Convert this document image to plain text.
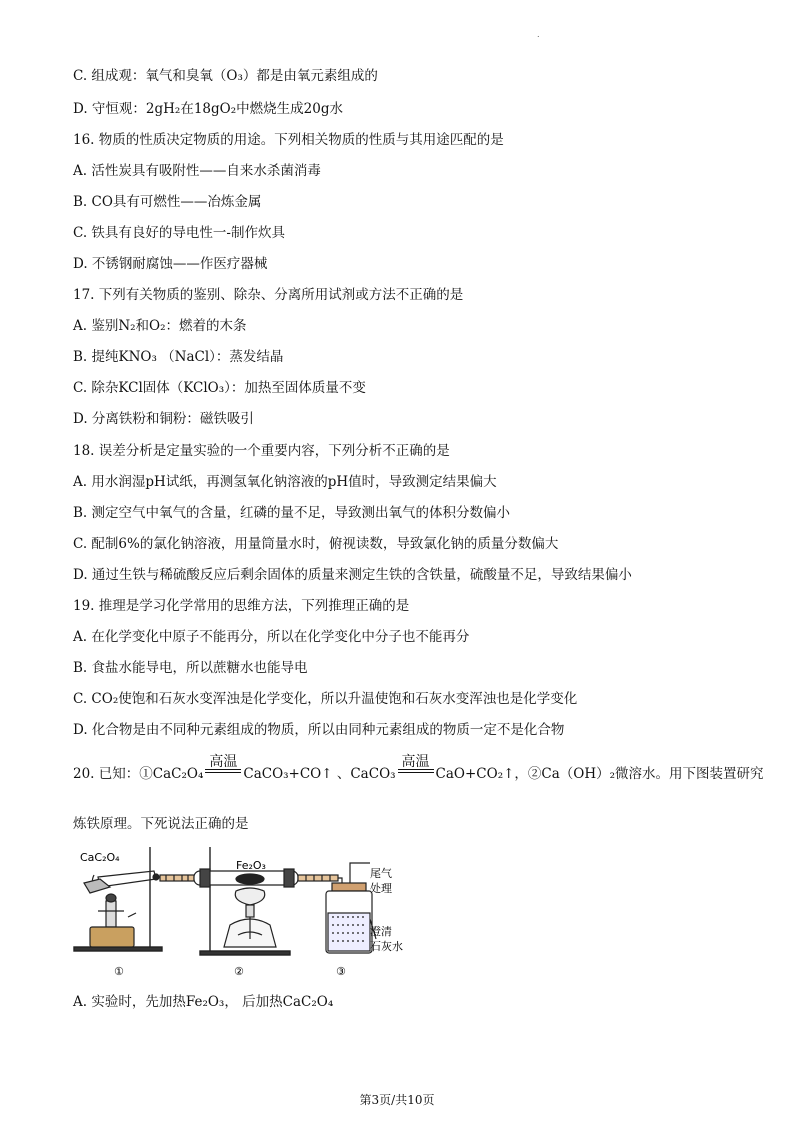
.
C. 组成观：氧气和臭氧（O₃）都是由氧元素组成的
D. 守恒观：2gH₂在18gO₂中燃烧生成20g水
16. 物质的性质决定物质的用途。下列相关物质的性质与其用途匹配的是
A. 活性炭具有吸附性——自来水杀菌消毒
B. CO具有可燃性——冶炼金属
C. 铁具有良好的导电性一-制作炊具
D. 不锈钢耐腐蚀——作医疗器械
17. 下列有关物质的鉴别、除杂、分离所用试剂或方法不正确的是
A. 鉴别N₂和O₂：燃着的木条
B. 提纯KNO₃ （NaCl）：蒸发结晶
C. 除杂KCl固体（KClO₃）：加热至固体质量不变
D. 分离铁粉和铜粉：磁铁吸引
18. 误差分析是定量实验的一个重要内容，下列分析不正确的是
A. 用水润湿pH试纸，再测氢氧化钠溶液的pH值时，导致测定结果偏大
B. 测定空气中氧气的含量，红磷的量不足，导致测出氧气的体积分数偏小
C. 配制6%的氯化钠溶液，用量筒量水时，俯视读数，导致氯化钠的质量分数偏大
D. 通过生铁与稀硫酸反应后剩余固体的质量来测定生铁的含铁量，硫酸量不足，导致结果偏小
19. 推理是学习化学常用的思维方法，下列推理正确的是
A. 在化学变化中原子不能再分，所以在化学变化中分子也不能再分
B. 食盐水能导电，所以蔗糖水也能导电
C. CO₂使饱和石灰水变浑浊是化学变化，所以升温使饱和石灰水变浑浊也是化学变化
D. 化合物是由不同种元素组成的物质，所以由同种元素组成的物质一定不是化合物
20. 已知：①CaC₂O₄
高温
CaCO₃+CO↑ 、CaCO₃
高温
CaO+CO₂↑，②Ca（OH）₂微溶水。用下图装置研究
炼铁原理。下死说法正确的是
CaC₂O₄
Fe₂O₃
尾气
处理
澄清
石灰水
①	②	③
A. 实验时，先加热Fe₂O₃， 后加热CaC₂O₄
第3页/共10页
